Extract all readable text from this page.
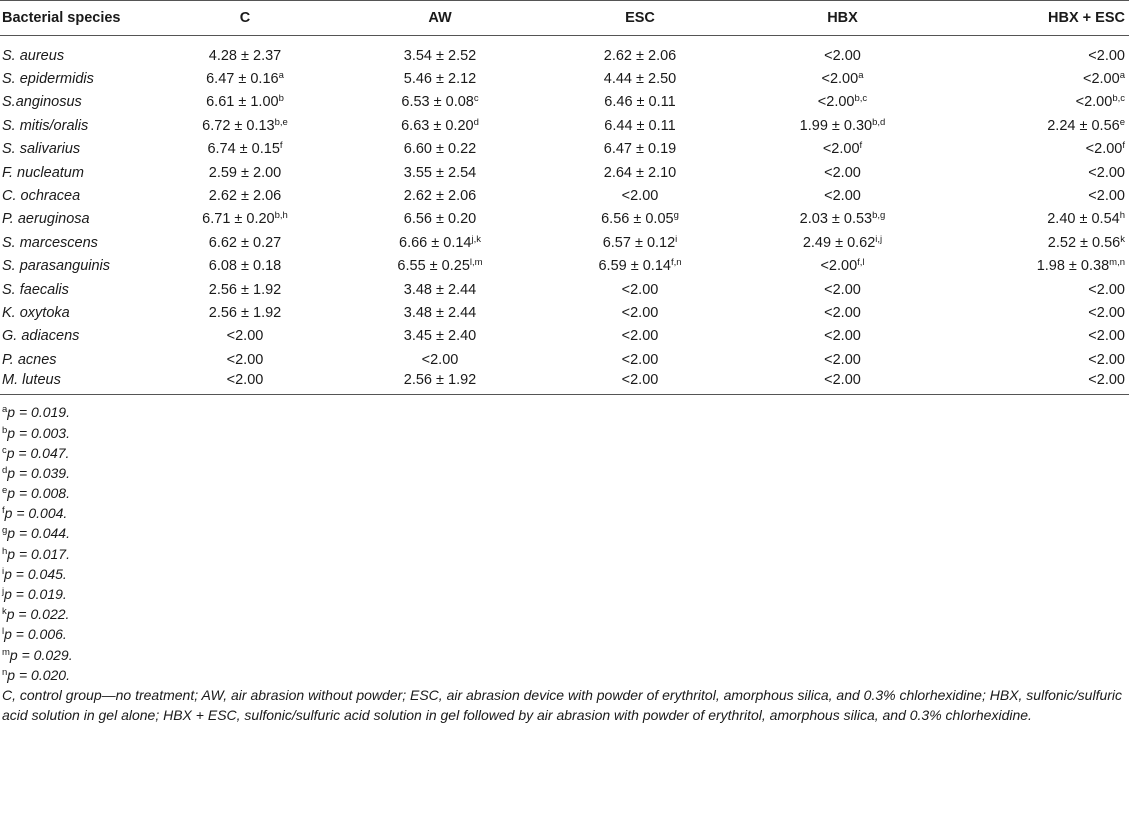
Bacterial species	C	AW	ESC	HBX	HBX + ESC
S. aureus	4.28 ± 2.37	3.54 ± 2.52	2.62 ± 2.06	<2.00	<2.00
S. epidermidis	6.47 ± 0.16$^a$	5.46 ± 2.12	4.44 ± 2.50	<2.00$^a$	<2.00$^a$
S.anginosus	6.61 ± 1.00$^b$	6.53 ± 0.08$^c$	6.46 ± 0.11	$<2.00^{b,c}$	$<2.00^{b,c}$
S. mitis/oralis	$6.72 \pm 0.13^{b,e}$	6.63 ± 0.20$^d$	6.44 ± 0.11	$1.99 \pm 0.30^{b,d}$	2.24 ± 0.56$^e$
S. salivarius	6.74 ± 0.15$^f$	6.60 ± 0.22	6.47 ± 0.19	<2.00$^f$	<2.00$^f$
F. nucleatum	2.59 ± 2.00	3.55 ± 2.54	2.64 ± 2.10	<2.00	<2.00
C. ochracea	2.62 ± 2.06	2.62 ± 2.06	<2.00	<2.00	<2.00
P. aeruginosa	$6.71 \pm 0.20^{b,h}$	6.56 ± 0.20	6.56 ± 0.05$^g$	$2.03 \pm 0.53^{b,g}$	2.40 ± 0.54$^h$
S. marcescens	6.62 ± 0.27	$6.66 \pm 0.14^{j,k}$	$6.57 \pm 0.12^i$	$2.49 \pm 0.62^{i,j}$	$2.52 \pm 0.56^k$
S. parasanguinis	6.08 ± 0.18	$6.55 \pm 0.25^{l,m}$	$6.59 \pm 0.14^{f,n}$	$<2.00^{f,l}$	$1.98 \pm 0.38^{m,n}$
S. faecalis	2.56 ± 1.92	3.48 ± 2.44	<2.00	<2.00	<2.00
K. oxytoka	2.56 ± 1.92	3.48 ± 2.44	<2.00	<2.00	<2.00
G. adiacens	<2.00	3.45 ± 2.40	<2.00	<2.00	<2.00
P. acnes	<2.00	<2.00	<2.00	<2.00	<2.00
M. luteus	<2.00	2.56 ± 1.92	<2.00	<2.00	<2.00
$^a$p = 0.019.
$^b$p = 0.003.
$^c$p = 0.047.
$^d$p = 0.039.
$^e$p = 0.008.
$^f$p = 0.004.
$^g$p = 0.044.
$^h$p = 0.017.
$^i$p = 0.045.
$^j$p = 0.019.
$^k$p = 0.022.
$^l$p = 0.006.
$^m$p = 0.029.
$^n$p = 0.020.
C, control group—no treatment; AW, air abrasion without powder; ESC, air abrasion device with powder of erythritol, amorphous silica, and 0.3% chlorhexidine; HBX, sulfonic/sulfuric acid solution in gel alone; HBX + ESC, sulfonic/sulfuric acid solution in gel followed by air abrasion with powder of erythritol, amorphous silica, and 0.3% chlorhexidine.
